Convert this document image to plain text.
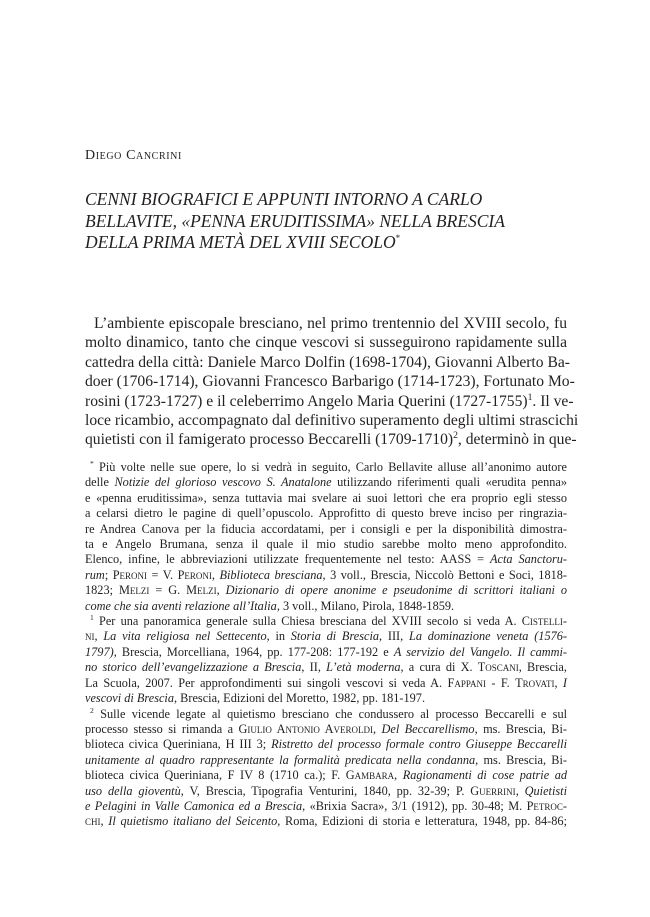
Diego Cancrini
CENNI BIOGRAFICI E APPUNTI INTORNO A CARLO
BELLAVITE, «PENNA ERUDITISSIMA» NELLA BRESCIA
DELLA PRIMA METÀ DEL XVIII SECOLO*
L’ambiente episcopale bresciano, nel primo trentennio del XVIII secolo, fu
molto dinamico, tanto che cinque vescovi si susseguirono rapidamente sulla
cattedra della città: Daniele Marco Dolfin (1698-1704), Giovanni Alberto Ba-
doer (1706-1714), Giovanni Francesco Barbarigo (1714-1723), Fortunato Mo-
rosini (1723-1727) e il celeberrimo Angelo Maria Querini (1727-1755)$^1$. Il ve-
loce ricambio, accompagnato dal definitivo superamento degli ultimi strascichi
quietisti con il famigerato processo Beccarelli (1709-1710)$^2$, determinò in que-
* Più volte nelle sue opere, lo si vedrà in seguito, Carlo Bellavite alluse all’anonimo autore
delle Notizie del glorioso vescovo S. Anatalone utilizzando riferimenti quali «erudita penna»
e «penna eruditissima», senza tuttavia mai svelare ai suoi lettori che era proprio egli stesso
a celarsi dietro le pagine di quell’opuscolo. Approfitto di questo breve inciso per ringrazia-
re Andrea Canova per la fiducia accordatami, per i consigli e per la disponibilità dimostra-
ta e Angelo Brumana, senza il quale il mio studio sarebbe molto meno approfondito.
Elenco, infine, le abbreviazioni utilizzate frequentemente nel testo: AASS = Acta Sanctoru-
rum; Peroni = V. Peroni, Biblioteca bresciana, 3 voll., Brescia, Niccolò Bettoni e Soci, 1818-
1823; Melzi = G. Melzi, Dizionario di opere anonime e pseudonime di scrittori italiani o
come che sia aventi relazione all’Italia, 3 voll., Milano, Pirola, 1848-1859.
$^1$ Per una panoramica generale sulla Chiesa bresciana del XVIII secolo si veda A. Cistelli-
ni, La vita religiosa nel Settecento, in Storia di Brescia, III, La dominazione veneta (1576-
1797), Brescia, Morcelliana, 1964, pp. 177-208: 177-192 e A servizio del Vangelo. Il cammi-
no storico dell’evangelizzazione a Brescia, II, L’età moderna, a cura di X. Toscani, Brescia,
La Scuola, 2007. Per approfondimenti sui singoli vescovi si veda A. Fappani - F. Trovati, I
vescovi di Brescia, Brescia, Edizioni del Moretto, 1982, pp. 181-197.
$^2$ Sulle vicende legate al quietismo bresciano che condussero al processo Beccarelli e sul
processo stesso si rimanda a Giulio Antonio Averoldi, Del Beccarellismo, ms. Brescia, Bi-
blioteca civica Queriniana, H III 3; Ristretto del processo formale contro Giuseppe Beccarelli
unitamente al quadro rappresentante la formalità predicata nella condanna, ms. Brescia, Bi-
blioteca civica Queriniana, F IV 8 (1710 ca.); F. Gambara, Ragionamenti di cose patrie ad
uso della gioventù, V, Brescia, Tipografia Venturini, 1840, pp. 32-39; P. Guerrini, Quietisti
e Pelagini in Valle Camonica ed a Brescia, «Brixia Sacra», 3/1 (1912), pp. 30-48; M. Petroc-
chi, Il quietismo italiano del Seicento, Roma, Edizioni di storia e letteratura, 1948, pp. 84-86;
